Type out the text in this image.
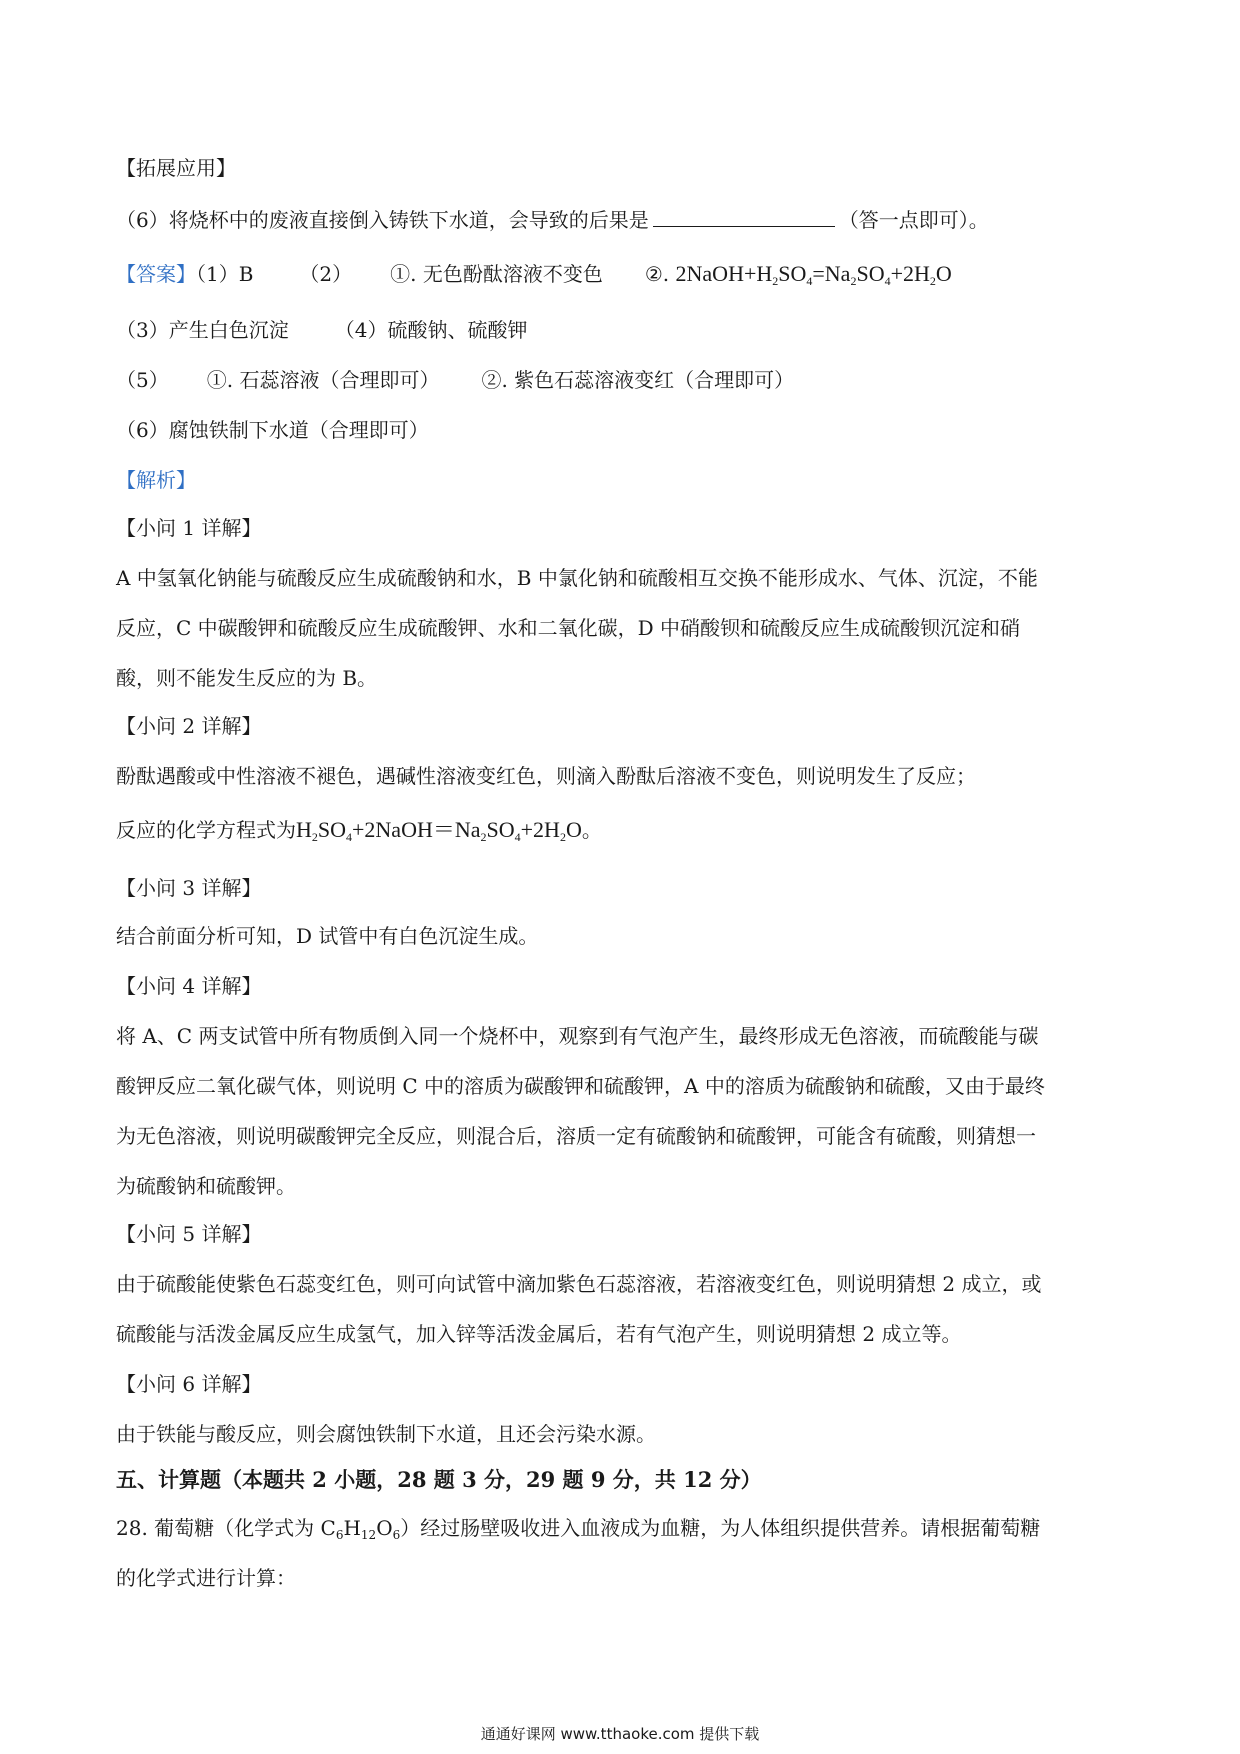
【拓展应用】
（6）将烧杯中的废液直接倒入铸铁下水道，会导致的后果是	（答一点即可）。
【答案】（1）B （2） ①. 无色酚酞溶液不变色 ②. $2NaOH+H_2SO_4=Na_2SO_4+2H_2O$
（3）产生白色沉淀 （4）硫酸钠、硫酸钾
（5） ①. 石蕊溶液（合理即可） ②. 紫色石蕊溶液变红（合理即可）
（6）腐蚀铁制下水道（合理即可）
【解析】
【小问 1 详解】
A 中氢氧化钠能与硫酸反应生成硫酸钠和水，B 中氯化钠和硫酸相互交换不能形成水、气体、沉淀，不能
反应，C 中碳酸钾和硫酸反应生成硫酸钾、水和二氧化碳，D 中硝酸钡和硫酸反应生成硫酸钡沉淀和硝
酸，则不能发生反应的为 B。
【小问 2 详解】
酚酞遇酸或中性溶液不褪色，遇碱性溶液变红色，则滴入酚酞后溶液不变色，则说明发生了反应；
反应的化学方程式为$H_2SO_4+2NaOH=Na_2SO_4+2H_2O$。
【小问 3 详解】
结合前面分析可知，D 试管中有白色沉淀生成。
【小问 4 详解】
将 A、C 两支试管中所有物质倒入同一个烧杯中，观察到有气泡产生，最终形成无色溶液，而硫酸能与碳
酸钾反应二氧化碳气体，则说明 C 中的溶质为碳酸钾和硫酸钾，A 中的溶质为硫酸钠和硫酸，又由于最终
为无色溶液，则说明碳酸钾完全反应，则混合后，溶质一定有硫酸钠和硫酸钾，可能含有硫酸，则猜想一
为硫酸钠和硫酸钾。
【小问 5 详解】
由于硫酸能使紫色石蕊变红色，则可向试管中滴加紫色石蕊溶液，若溶液变红色，则说明猜想 2 成立，或
硫酸能与活泼金属反应生成氢气，加入锌等活泼金属后，若有气泡产生，则说明猜想 2 成立等。
【小问 6 详解】
由于铁能与酸反应，则会腐蚀铁制下水道，且还会污染水源。
五、计算题（本题共 2 小题，28 题 3 分，29 题 9 分，共 12 分）
28. 葡萄糖（化学式为 $C_6H_{12}O_6$）经过肠壁吸收进入血液成为血糖，为人体组织提供营养。请根据葡萄糖
的化学式进行计算：
通通好课网 www.tthaoke.com 提供下载
